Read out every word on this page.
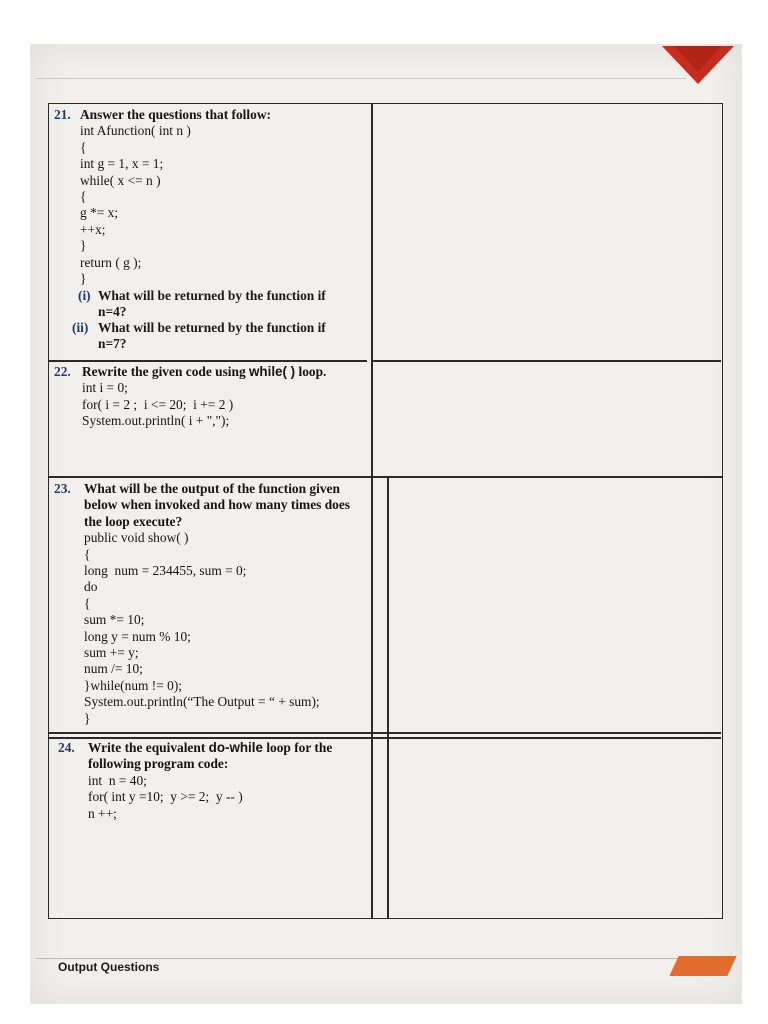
21. Answer the questions that follow:
int Afunction( int n )
{
int g = 1, x = 1;
while( x <= n )
{
g *= x;
++x;
}
return ( g );
}
(i) What will be returned by the function if
n=4?
(ii) What will be returned by the function if
n=7?
22. Rewrite the given code using while( ) loop.
int i = 0;
for( i = 2 ;  i <= 20;  i += 2 )
System.out.println( i + ",");
23. What will be the output of the function given
below when invoked and how many times does
the loop execute?
public void show( )
{
long  num = 234455, sum = 0;
do
{
sum *= 10;
long y = num % 10;
sum += y;
num /= 10;
}while(num != 0);
System.out.println(“The Output = “ + sum);
}
24. Write the equivalent do-while loop for the
following program code:
int  n = 40;
for( int y =10;  y >= 2;  y -- )
n ++;
Output Questions
